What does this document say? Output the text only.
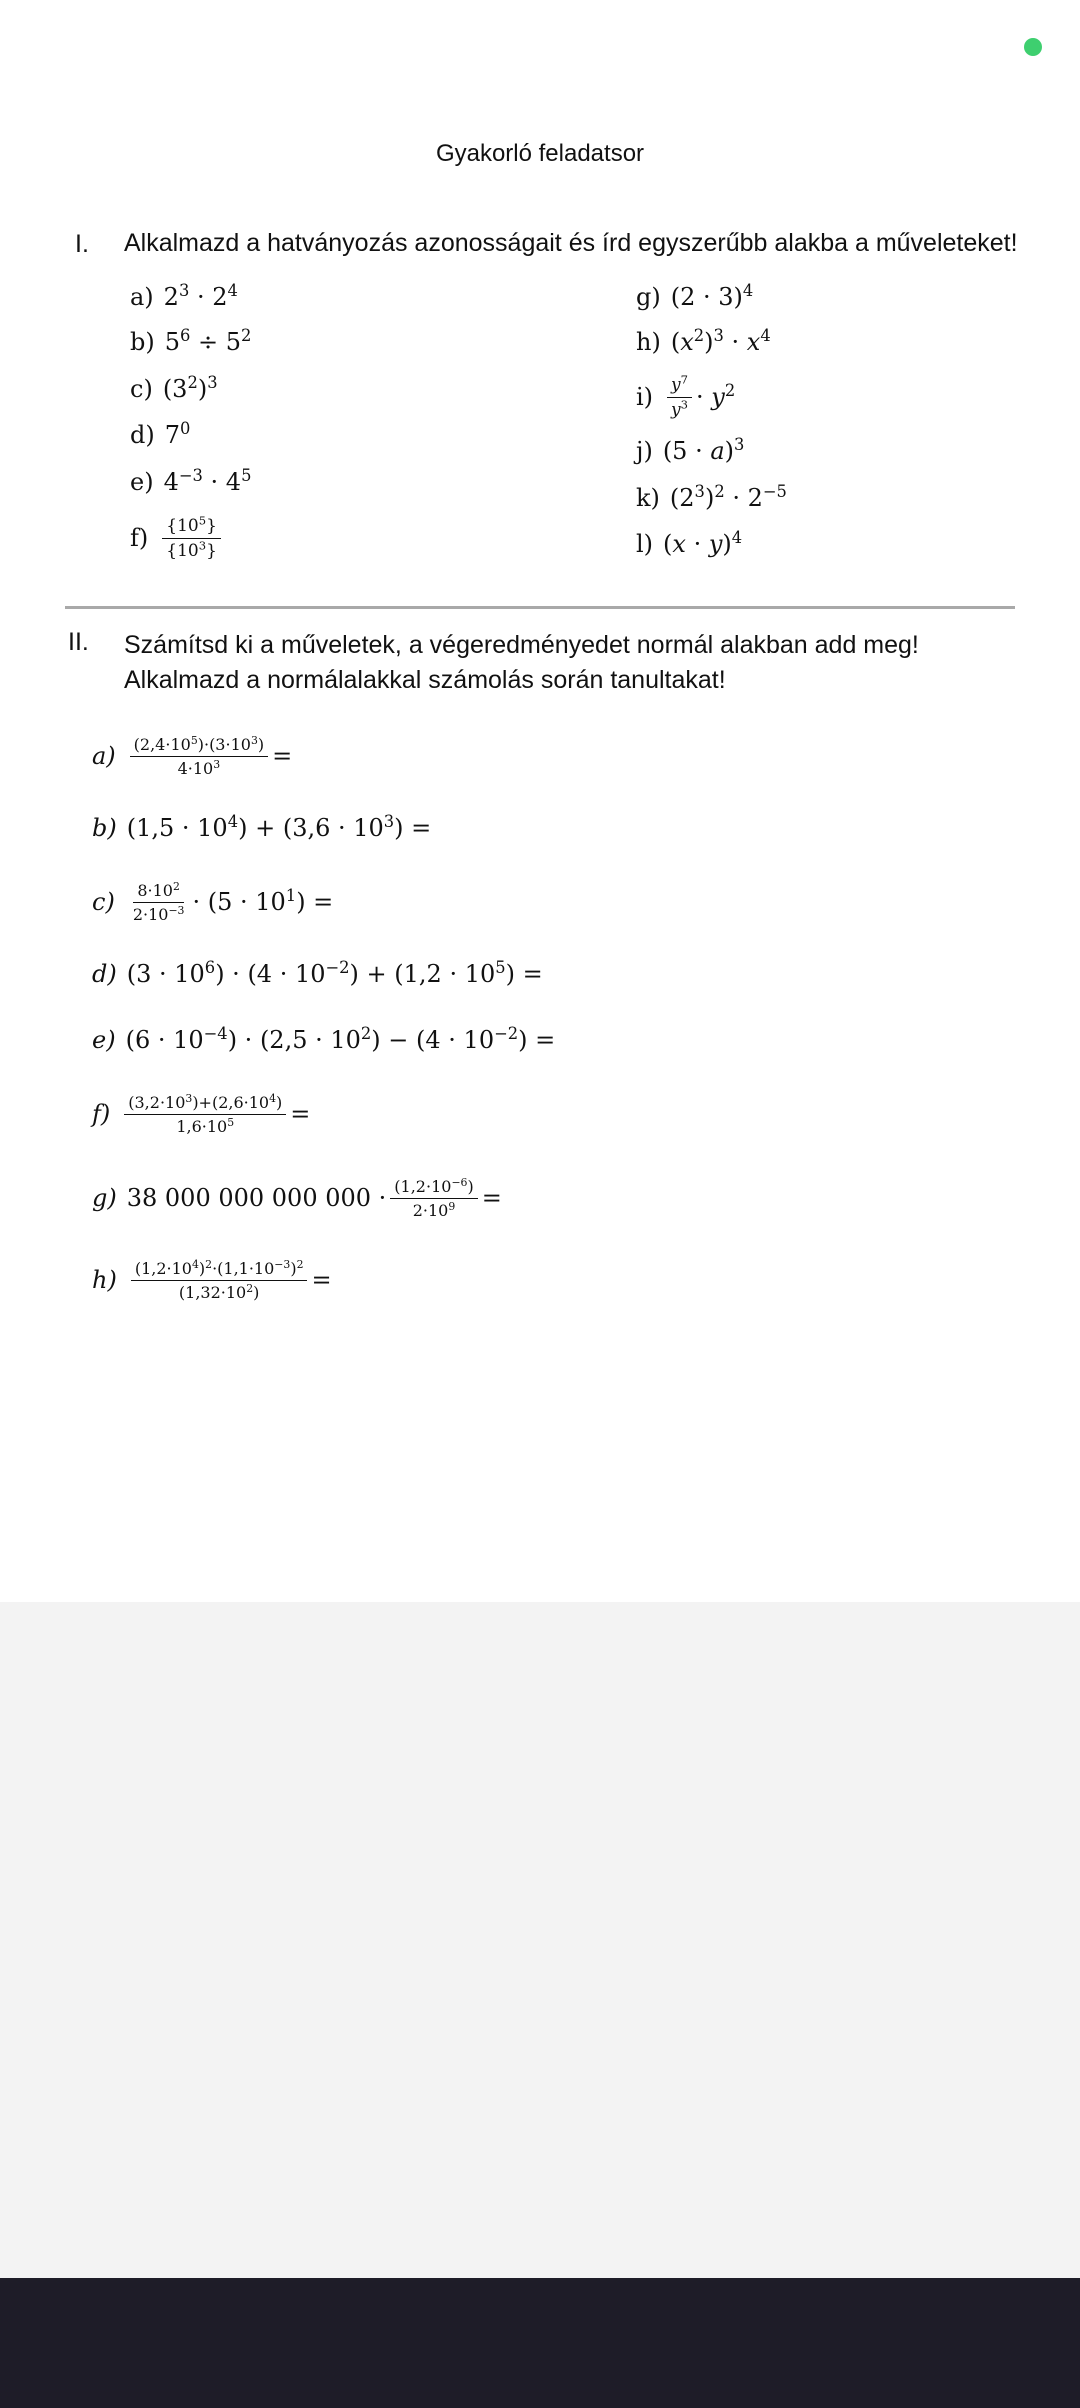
Gyakorló feladatsor
I. Alkalmazd a hatványozás azonosságait és írd egyszerűbb alakba a műveleteket!
a) $2^3 \cdot 2^4$
b) $5^6 \div 5^2$
c) $(3^2)^3$
d) $7^0$
e) $4^{-3} \cdot 4^5$
$f) \frac{\{10^5\}}{\{10^3\}}$
g) $(2 \cdot 3)^4$
h) $(x^2)^3 \cdot x^4$
$i) \frac{y^7}{y^3} \cdot y^2$
j) $(5 \cdot a)^3$
k) $(2^3)^2 \cdot 2^{-5}$
l) $(x \cdot y)^4$
II. Számítsd ki a műveletek, a végeredményedet normál alakban add meg!
Alkalmazd a normálalakkal számolás során tanultakat!
$a) \frac{(2,4\cdot 10^5)\cdot(3\cdot 10^3)}{4\cdot 10^3}$ =
b) $(1,5 \cdot 10^4) + (3,6 \cdot 10^3)$ =
$c) \frac{8\cdot 10^2}{2\cdot 10^{-3}} \cdot (5 \cdot 10^1)$ =
d) $(3 \cdot 10^6) \cdot (4 \cdot 10^{-2}) + (1,2 \cdot 10^5)$ =
e) $(6 \cdot 10^{-4}) \cdot (2,5 \cdot 10^2) - (4 \cdot 10^{-2})$ =
$f) \frac{(3,2\cdot 10^3)+(2,6\cdot 10^4)}{1,6\cdot 10^5}$ =
g) 38 000 000 000 $000 \cdot \frac{(1,2\cdot 10^{-6})}{2\cdot 10^9}$ =
$h) \frac{(1,2\cdot 10^4)^2\cdot(1,1\cdot 10^{-3})^2}{(1,32\cdot 10^2)}$ =
